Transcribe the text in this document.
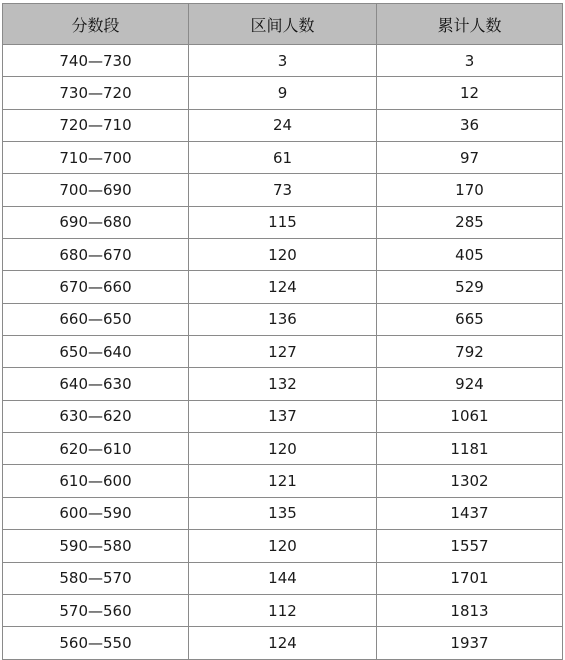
分数段	区间人数	累计人数
740—730	3	3
730—720	9	12
720—710	24	36
710—700	61	97
700—690	73	170
690—680	115	285
680—670	120	405
670—660	124	529
660—650	136	665
650—640	127	792
640—630	132	924
630—620	137	1061
620—610	120	1181
610—600	121	1302
600—590	135	1437
590—580	120	1557
580—570	144	1701
570—560	112	1813
560—550	124	1937
